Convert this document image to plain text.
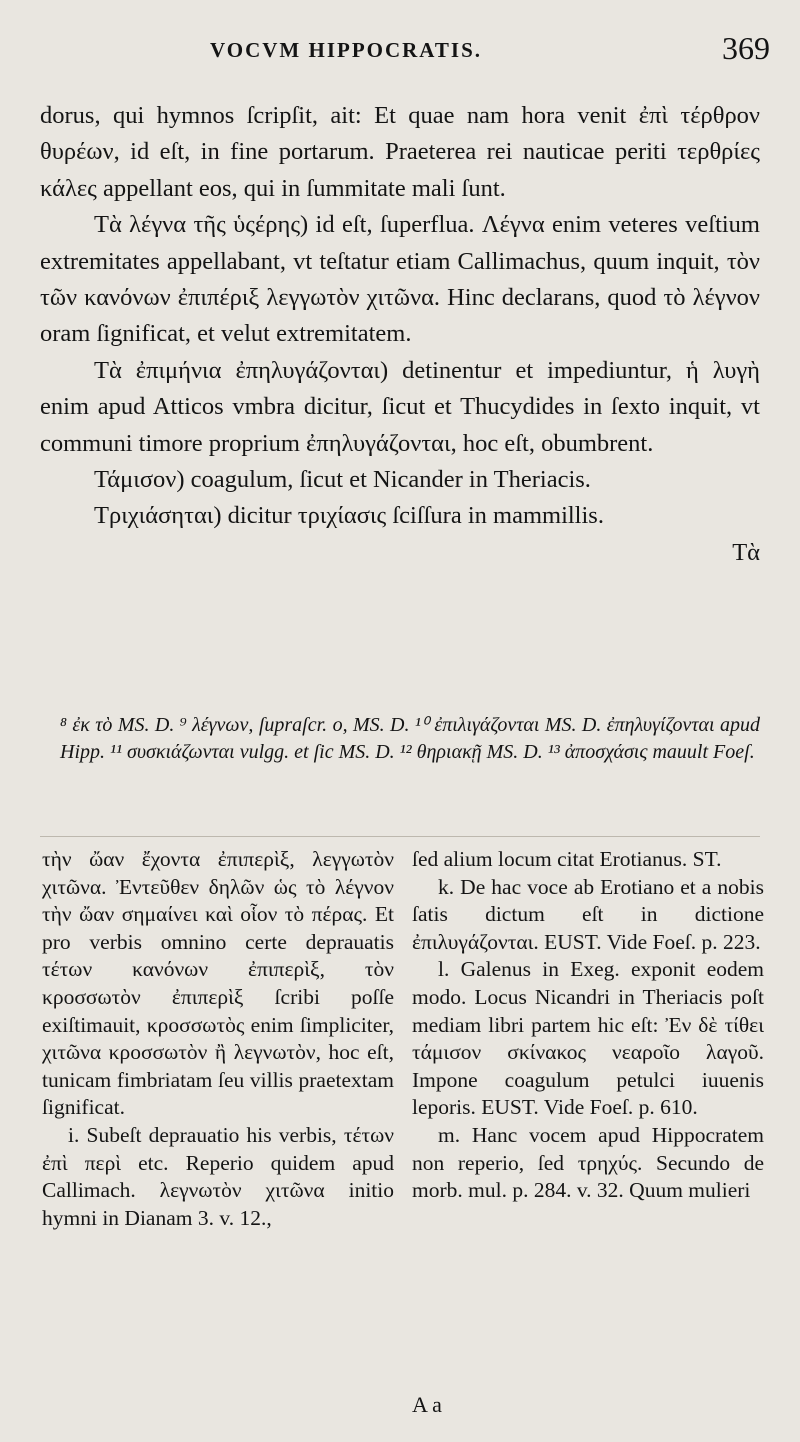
VOCVM HIPPOCRATIS.	369

dorus, qui hymnos ſcripſit, ait: Et quae nam hora venit ἐπὶ τέρθρον θυρέων, id eſt, in fine portarum. Praeterea rei nauticae periti τερθρίες κάλες appellant eos, qui in ſummitate mali ſunt.

Τὰ λέγνα τῆς ὑςέρης) id eſt, ſuperflua. Λέγνα enim veteres veſtium extremitates appellabant, vt teſtatur etiam Callimachus, quum inquit, τὸν τῶν κανόνων ἐπιπέριξ λεγγωτὸν χιτῶνα. Hinc declarans, quod τὸ λέγνον oram ſignificat, et velut extremitatem.

Τὰ ἐπιμήνια ἐπηλυγάζονται) detinentur et impediuntur, ἡ λυγὴ enim apud Atticos vmbra dicitur, ſicut et Thucydides in ſexto inquit, vt communi timore proprium ἐπηλυγάζονται, hoc eſt, obumbrent.

Τάμισον) coagulum, ſicut et Nicander in Theriacis.

Τριχιάσηται) dicitur τριχίασις ſciſſura in mammillis.

Τὰ

⁸ ἐκ τὸ MS. D. ⁹ λέγνων, ſupraſcr. o, MS. D. ¹⁰ ἐπιλιγάζονται MS. D. ἐπηλυγίζονται apud Hipp. ¹¹ συσκιάζωνται vulgg. et ſic MS. D. ¹² θηριακῇ MS. D. ¹³ ἀποσχάσις mauult Foeſ.

τὴν ὤαν ἔχοντα ἐπιπερὶξ, λεγγωτὸν χιτῶνα. Ἐντεῦθεν δηλῶν ὡς τὸ λέγνον τὴν ὤαν σημαίνει καὶ οἷον τὸ πέρας. Et pro verbis omnino certe deprauatis τέτων κανόνων ἐπιπερὶξ, τὸν κροσσωτὸν ἐπιπερὶξ ſcribi poſſe exiſtimauit, κροσσωτὸς enim ſimpliciter, χιτῶνα κροσσωτὸν ἢ λεγνωτὸν, hoc eſt, tunicam fimbriatam ſeu villis praetextam ſignificat.

i. Subeſt deprauatio his verbis, τέτων ἐπὶ περὶ etc. Reperio quidem apud Callimach. λεγνωτὸν χιτῶνα initio hymni in Dianam 3. v. 12.,

ſed alium locum citat Erotianus. ST.

k. De hac voce ab Erotiano et a nobis ſatis dictum eſt in dictione ἐπιλυγάζονται. EUST. Vide Foeſ. p. 223.

l. Galenus in Exeg. exponit eodem modo. Locus Nicandri in Theriacis poſt mediam libri partem hic eſt: Ἐν δὲ τίθει τάμισον σκίνακος νεαροῖο λαγοῦ. Impone coagulum petulci iuuenis leporis. EUST. Vide Foeſ. p. 610.

m. Hanc vocem apud Hippocratem non reperio, ſed τρηχύς. Secundo de morb. mul. p. 284. v. 32. Quum mulieri

A a
